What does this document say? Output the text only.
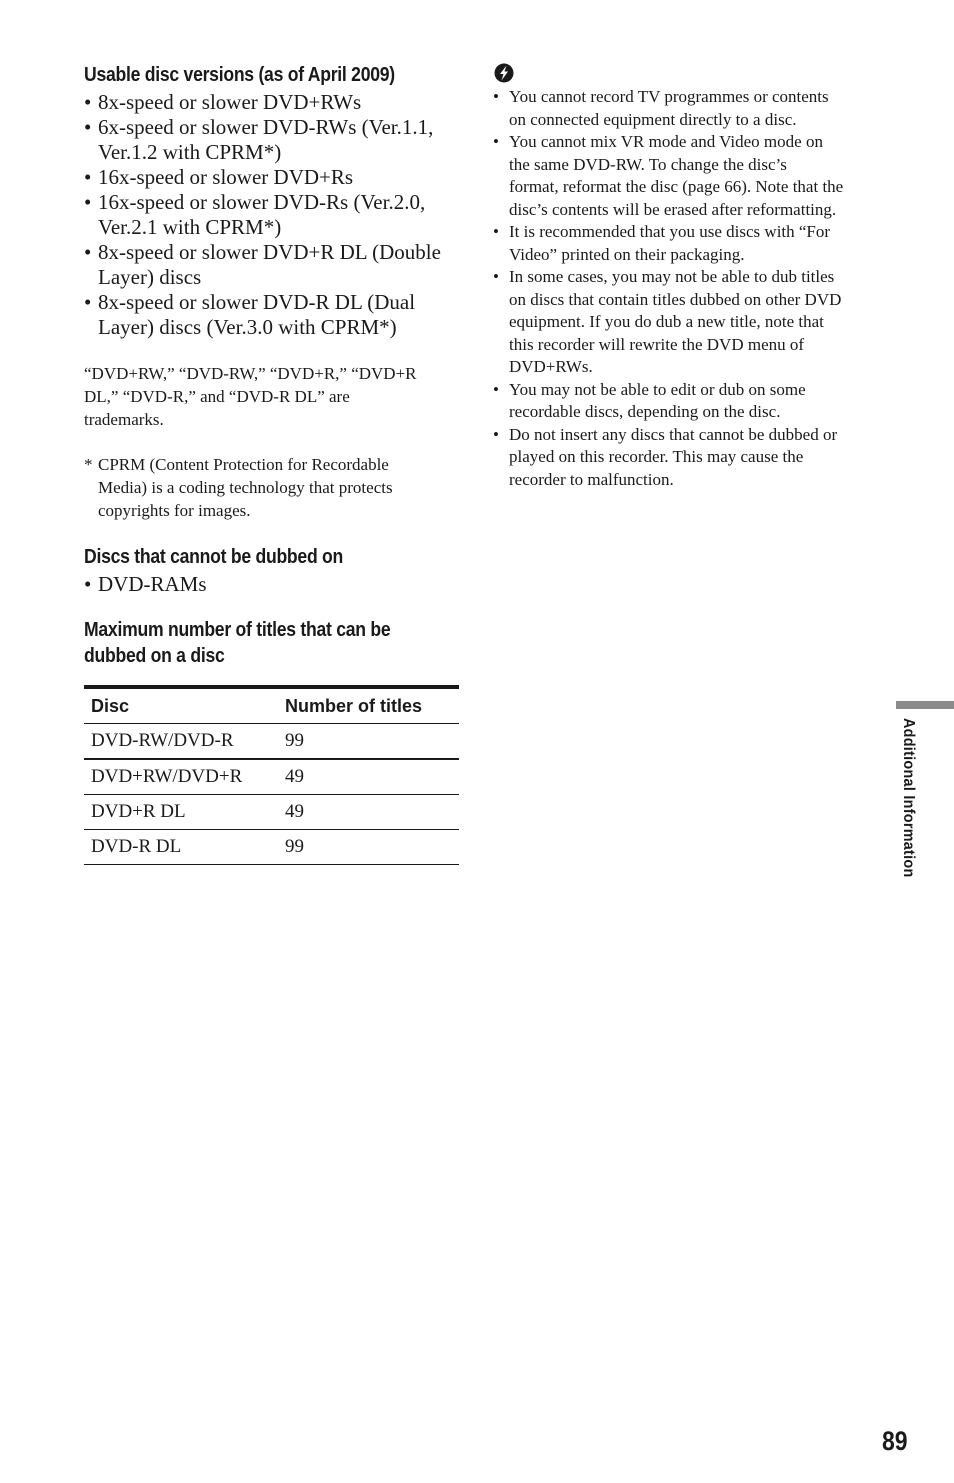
Usable disc versions (as of April 2009)
• 8x-speed or slower DVD+RWs
• 6x-speed or slower DVD-RWs (Ver.1.1,
Ver.1.2 with CPRM*)
• 16x-speed or slower DVD+Rs
• 16x-speed or slower DVD-Rs (Ver.2.0,
Ver.2.1 with CPRM*)
• 8x-speed or slower DVD+R DL (Double
Layer) discs
• 8x-speed or slower DVD-R DL (Dual
Layer) discs (Ver.3.0 with CPRM*)

“DVD+RW,” “DVD-RW,” “DVD+R,” “DVD+R
DL,” “DVD-R,” and “DVD-R DL” are
trademarks.

* CPRM (Content Protection for Recordable
Media) is a coding technology that protects
copyrights for images.

Discs that cannot be dubbed on
• DVD-RAMs
Maximum number of titles that can be
dubbed on a disc
Disc	Number of titles
DVD-RW/DVD-R	99
DVD+RW/DVD+R	49
DVD+R DL	49
DVD-R DL	99
• You cannot record TV programmes or contents
on connected equipment directly to a disc.
• You cannot mix VR mode and Video mode on
the same DVD-RW. To change the disc’s
format, reformat the disc (page 66). Note that the
disc’s contents will be erased after reformatting.
• It is recommended that you use discs with “For
Video” printed on their packaging.
• In some cases, you may not be able to dub titles
on discs that contain titles dubbed on other DVD
equipment. If you do dub a new title, note that
this recorder will rewrite the DVD menu of
DVD+RWs.
• You may not be able to edit or dub on some
recordable discs, depending on the disc.
• Do not insert any discs that cannot be dubbed or
played on this recorder. This may cause the
recorder to malfunction.
Additional Information
89
